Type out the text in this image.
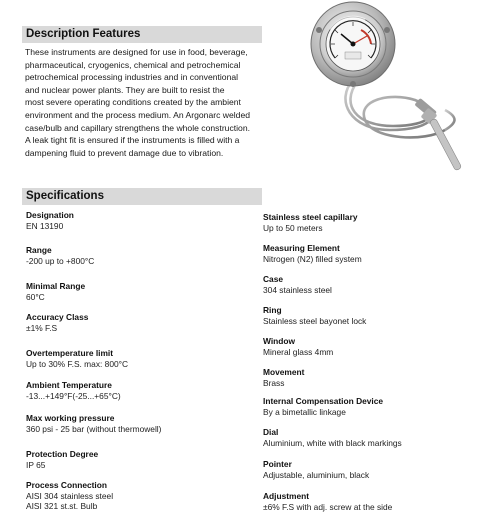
Description Features
These instruments are designed for use in food, beverage,
pharmaceutical, cryogenics, chemical and petrochemical
petrochemical processing industries and in conventional
and nuclear power plants. They are built to resist the
most severe operating conditions created by the ambient
environment and the process medium. An Argonarc welded
case/bulb and capillary strengthens the whole construction.
A leak tight fit is ensured if the instruments is filled with a
dampening fluid to prevent damage due to vibration.
Specifications
Designation
EN 13190
Range
-200 up to +800°C
Minimal Range
60°C
Accuracy Class
±1% F.S
Overtemperature limit
Up to 30% F.S. max: 800°C
Ambient Temperature
-13...+149°F(-25...+65°C)
Max working pressure
360 psi - 25 bar (without thermowell)
Protection Degree
IP 65
Process Connection
AISI 304 stainless steel
AISI 321 st.st. Bulb
Stainless steel capillary
Up to 50 meters
Measuring Element
Nitrogen (N2) filled system
Case
304 stainless steel
Ring
Stainless steel bayonet lock
Window
Mineral glass 4mm
Movement
Brass
Internal Compensation Device
By a bimetallic linkage
Dial
Aluminium, white with black markings
Pointer
Adjustable, aluminium, black
Adjustment
±6% F.S with adj. screw at the side
